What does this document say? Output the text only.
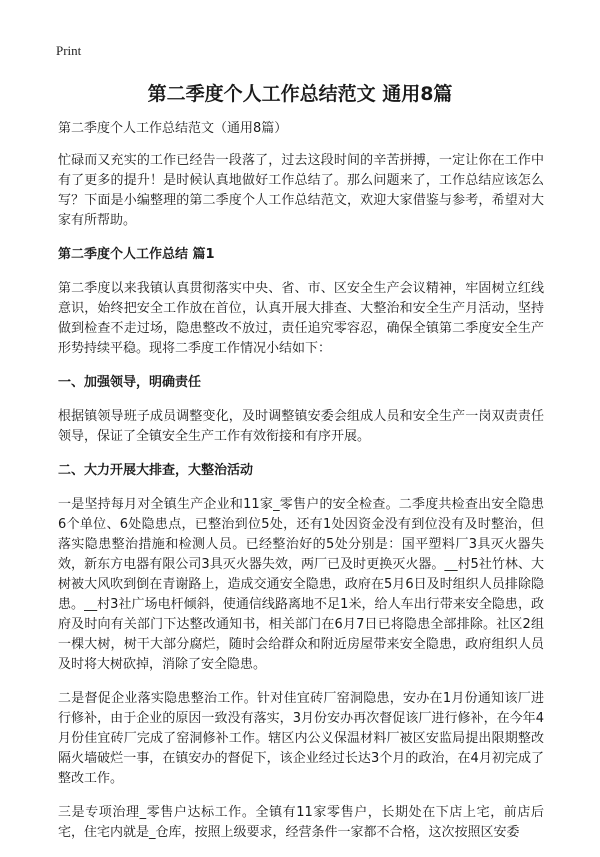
Print
第二季度个人工作总结范文 通用8篇

第二季度个人工作总结范文（通用8篇）

忙碌而又充实的工作已经告一段落了，过去这段时间的辛苦拼搏，一定让你在工作中有了更多的提升！是时候认真地做好工作总结了。那么问题来了，工作总结应该怎么写？下面是小编整理的第二季度个人工作总结范文，欢迎大家借鉴与参考，希望对大家有所帮助。

第二季度个人工作总结 篇1

第二季度以来我镇认真贯彻落实中央、省、市、区安全生产会议精神，牢固树立红线意识，始终把安全工作放在首位，认真开展大排查、大整治和安全生产月活动，坚持做到检查不走过场，隐患整改不放过，责任追究零容忍，确保全镇第二季度安全生产形势持续平稳。现将二季度工作情况小结如下：

一、加强领导，明确责任

根据镇领导班子成员调整变化，及时调整镇安委会组成人员和安全生产一岗双责责任领导，保证了全镇安全生产工作有效衔接和有序开展。

二、大力开展大排查，大整治活动

一是坚持每月对全镇生产企业和11家_零售户的安全检查。二季度共检查出安全隐患6个单位、6处隐患点，已整治到位5处，还有1处因资金没有到位没有及时整治，但落实隐患整治措施和检测人员。已经整治好的5处分别是：国平塑料厂3具灭火器失效，新东方电器有限公司3具灭火器失效，两厂已及时更换灭火器。__村5社竹林、大树被大风吹到倒在青谢路上，造成交通安全隐患，政府在5月6日及时组织人员排除隐患。__村3社广场电杆倾斜，使通信线路离地不足1米，给人车出行带来安全隐患，政府及时向有关部门下达整改通知书，相关部门在6月7日已将隐患全部排除。社区2组一棵大树，树干大部分腐烂，随时会给群众和附近房屋带来安全隐患，政府组织人员及时将大树砍掉，消除了安全隐患。

二是督促企业落实隐患整治工作。针对佳宜砖厂窑洞隐患，安办在1月份通知该厂进行修补，由于企业的原因一致没有落实，3月份安办再次督促该厂进行修补，在今年4月份佳宜砖厂完成了窑洞修补工作。辖区内公义保温材料厂被区安监局提出限期整改隔火墙破烂一事，在镇安办的督促下，该企业经过长达3个月的政治，在4月初完成了整改工作。

三是专项治理_零售户达标工作。全镇有11家零售户，长期处在下店上宅，前店后宅，住宅内就是_仓库，按照上级要求，经营条件一家都不合格，这次按照区安委
